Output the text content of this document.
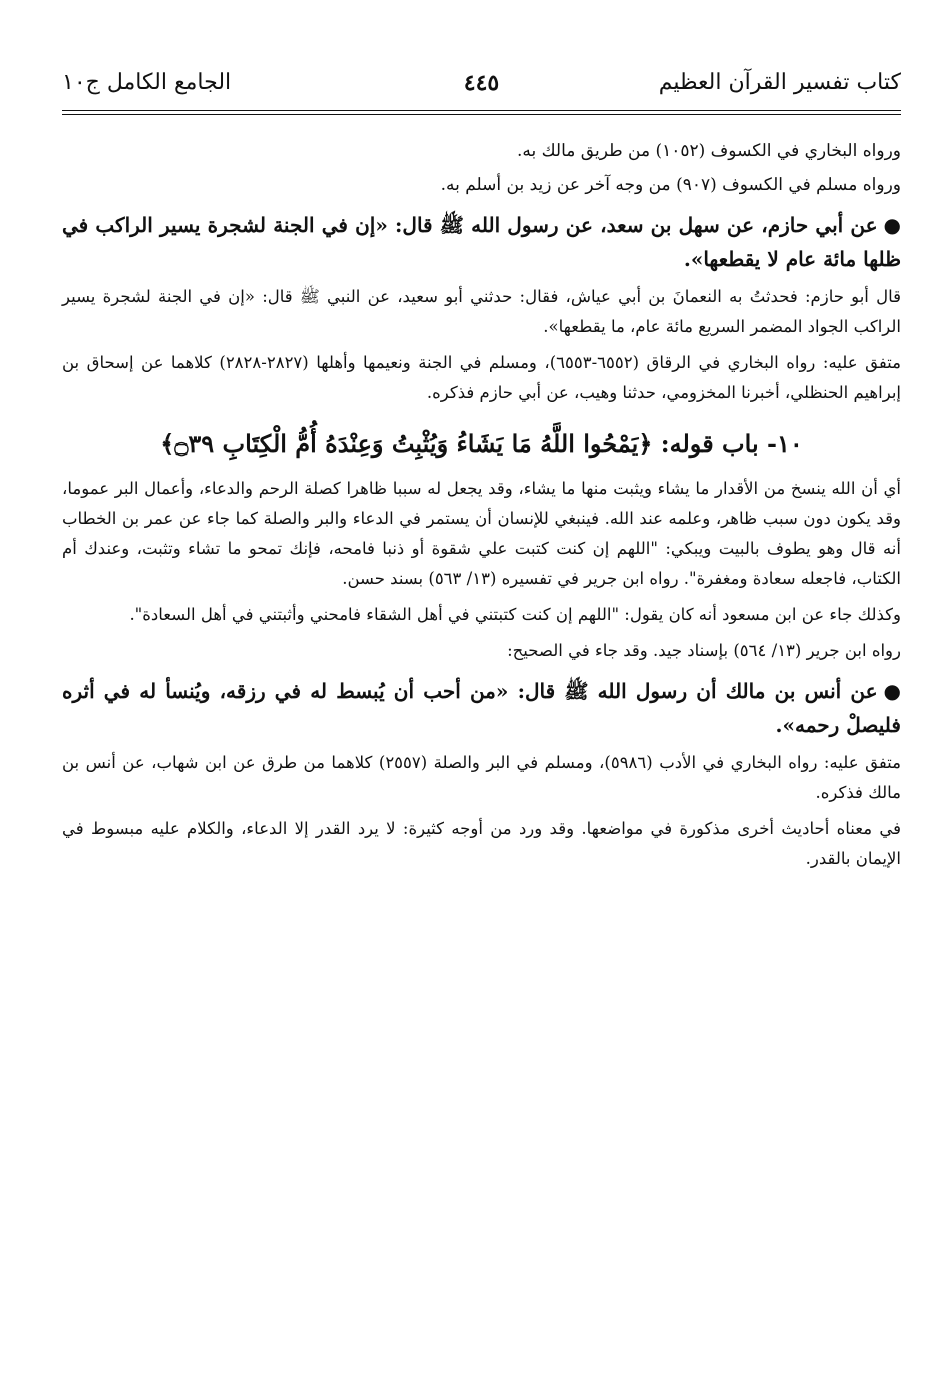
كتاب تفسير القرآن العظيم
٤٤٥
الجامع الكامل ج١٠

ورواه البخاري في الكسوف (١٠٥٢) من طريق مالك به.

ورواه مسلم في الكسوف (٩٠٧) من وجه آخر عن زيد بن أسلم به.

●عن أبي حازم، عن سهل بن سعد، عن رسول الله ﷺ قال: «إن في الجنة لشجرة يسير الراكب في ظلها مائة عام لا يقطعها».

قال أبو حازم: فحدثتُ به النعمانَ بن أبي عياش، فقال: حدثني أبو سعيد، عن النبي ﷺ قال: «إن في الجنة لشجرة يسير الراكب الجواد المضمر السريع مائة عام، ما يقطعها».

متفق عليه: رواه البخاري في الرقاق (٦٥٥٢-٦٥٥٣)، ومسلم في الجنة ونعيمها وأهلها (٢٨٢٧-٢٨٢٨) كلاهما عن إسحاق بن إبراهيم الحنظلي، أخبرنا المخزومي، حدثنا وهيب، عن أبي حازم فذكره.

١٠- باب قوله: ﴿يَمْحُوا اللَّهُ مَا يَشَاءُ وَيُثْبِتُ وَعِنْدَهُ أُمُّ الْكِتَابِ ۝٣٩﴾

أي أن الله ينسخ من الأقدار ما يشاء ويثبت منها ما يشاء، وقد يجعل له سببا ظاهرا كصلة الرحم والدعاء، وأعمال البر عموما، وقد يكون دون سبب ظاهر، وعلمه عند الله. فينبغي للإنسان أن يستمر في الدعاء والبر والصلة كما جاء عن عمر بن الخطاب أنه قال وهو يطوف بالبيت ويبكي: "اللهم إن كنت كتبت علي شقوة أو ذنبا فامحه، فإنك تمحو ما تشاء وتثبت، وعندك أم الكتاب، فاجعله سعادة ومغفرة". رواه ابن جرير في تفسيره (١٣/ ٥٦٣) بسند حسن.

وكذلك جاء عن ابن مسعود أنه كان يقول: "اللهم إن كنت كتبتني في أهل الشقاء فامحني وأثبتني في أهل السعادة".

رواه ابن جرير (١٣/ ٥٦٤) بإسناد جيد. وقد جاء في الصحيح:

●عن أنس بن مالك أن رسول الله ﷺ قال: «من أحب أن يُبسط له في رزقه، ويُنسأ له في أثره فليصلْ رحمه».

متفق عليه: رواه البخاري في الأدب (٥٩٨٦)، ومسلم في البر والصلة (٢٥٥٧) كلاهما من طرق عن ابن شهاب، عن أنس بن مالك فذكره.

في معناه أحاديث أخرى مذكورة في مواضعها. وقد ورد من أوجه كثيرة: لا يرد القدر إلا الدعاء، والكلام عليه مبسوط في الإيمان بالقدر.
